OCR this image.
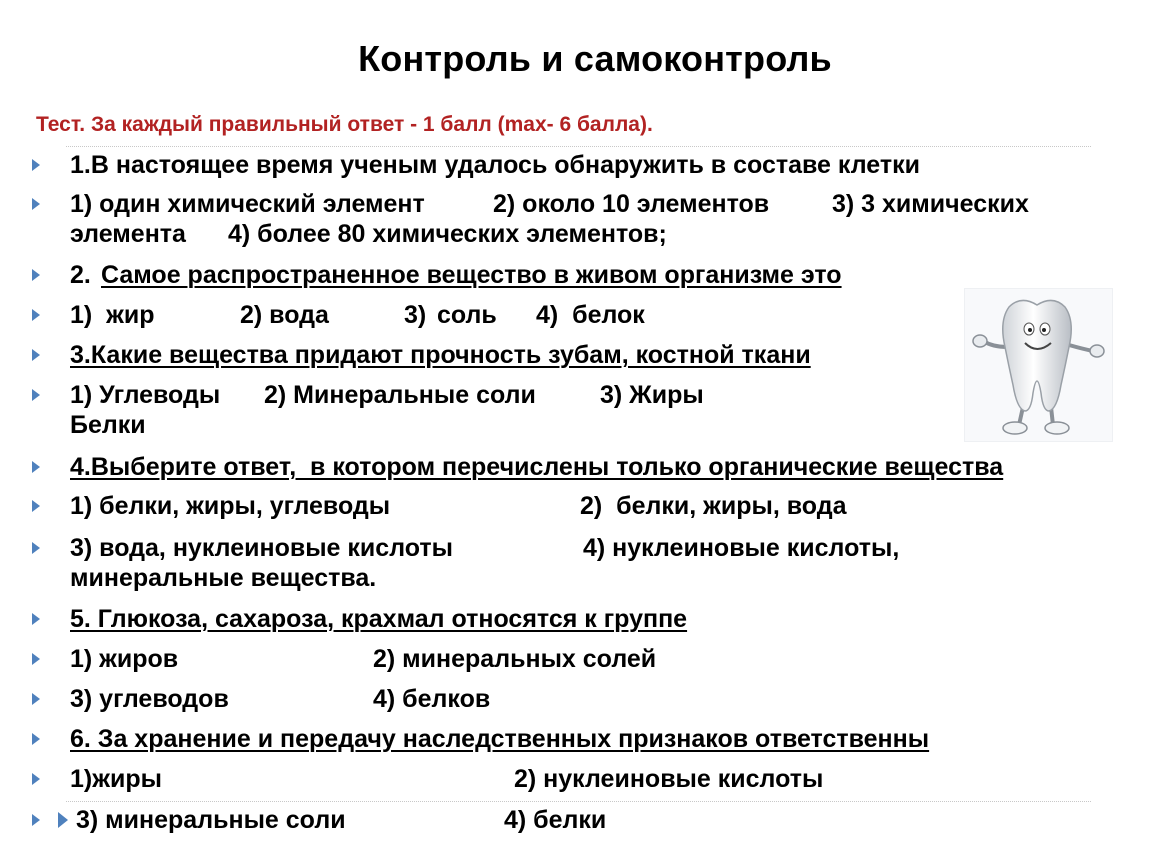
Контроль и самоконтроль
Тест. За каждый правильный ответ - 1 балл (max- 6 балла).
1.В настоящее время ученым удалось обнаружить в составе клетки
1) один химический элемент	2) около 10 элементов	3) 3 химических
элемента 4) более 80 химических элементов;
2. Самое распространенное вещество в живом организме это
1)  жир	2) вода	3) соль 4)  белок
3.Какие вещества придают прочность зубам, костной ткани
1) Углеводы 2) Минеральные соли	3) Жиры
Белки
4.Выберите ответ,  в котором перечислены только органические вещества
1) белки, жиры, углеводы	2)  белки, жиры, вода
3) вода, нуклеиновые кислоты	4) нуклеиновые кислоты,
минеральные вещества.
5. Глюкоза, сахароза, крахмал относятся к группе
1) жиров	2) минеральных солей
3) углеводов	4) белков
6. За хранение и передачу наследственных признаков ответственны
1)жиры	2) нуклеиновые кислоты
3) минеральные соли	4) белки
